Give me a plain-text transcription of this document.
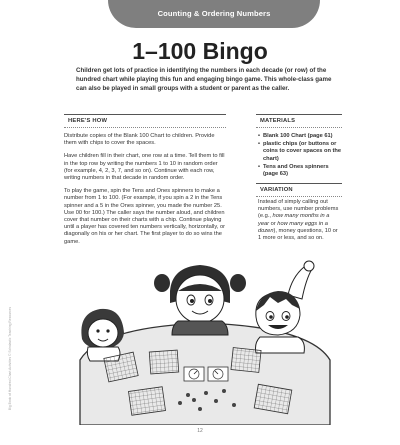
Counting & Ordering Numbers
1–100 Bingo
Children get lots of practice in identifying the numbers in each decade (or row) of the hundred chart while playing this fun and engaging bingo game. This whole-class game can also be played in small groups with a student or parent as the caller.
Big Book of Hundred Chart Activities © Scholastic Teaching Resources
HERE'S HOW

Distribute copies of the Blank 100 Chart to children. Provide them with chips to cover the spaces.

Have children fill in their chart, one row at a time. Tell them to fill in the top row by writing the numbers 1 to 10 in random order (for example, 4, 2, 3, 7, and so on). Continue with each row, writing numbers in that decade in random order.

To play the game, spin the Tens and Ones spinners to make a number from 1 to 100. (For example, if you spin a 2 in the Tens spinner and a 5 in the Ones spinner, you made the number 25. Use 00 for 100.) The caller says the number aloud, and children cover that number on their charts with a chip. Continue playing until a player has covered ten numbers vertically, horizontally, or diagonally on his or her chart. The first player to do so wins the game.

MATERIALS
• Blank 100 Chart (page 61)
• plastic chips (or buttons or coins to cover spaces on the chart)
• Tens and Ones spinners (page 63)
VARIATION
Instead of simply calling out numbers, use number problems (e.g., how many months in a year or how many eggs in a dozen), money questions, 10 or 1 more or less, and so on.
12
